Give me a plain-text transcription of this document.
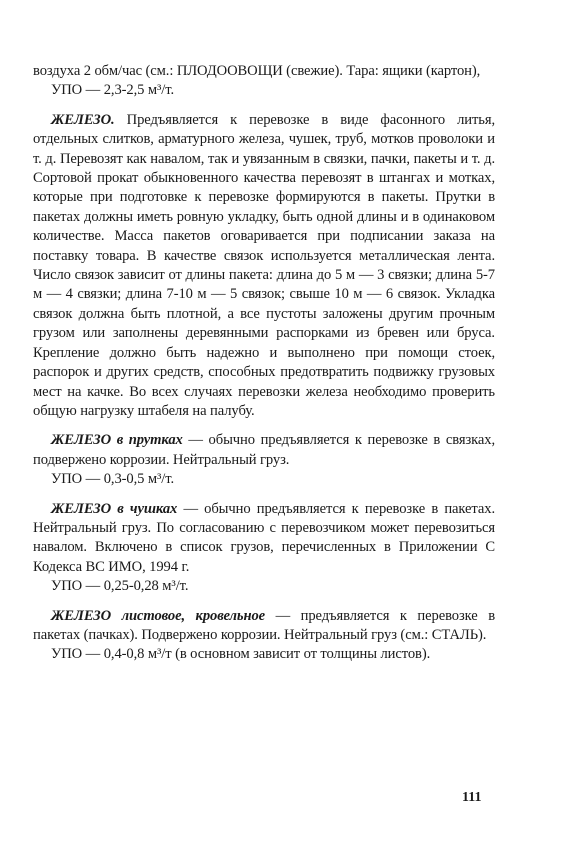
воздуха 2 обм/час (см.: ПЛОДООВОЩИ (свежие). Тара: ящики (картон),

УПО — 2,3-2,5 м³/т.

ЖЕЛЕЗО. Предъявляется к перевозке в виде фасонного литья, отдельных слитков, арматурного железа, чушек, труб, мотков проволоки и т. д. Перевозят как навалом, так и увязанным в связки, пачки, пакеты и т. д. Сортовой прокат обыкновенного качества перевозят в штангах и мотках, которые при подготовке к перевозке формируются в пакеты. Прутки в пакетах должны иметь ровную укладку, быть одной длины и в одинаковом количестве. Масса пакетов оговаривается при подписании заказа на поставку товара. В качестве связок используется металлическая лента. Число связок зависит от длины пакета: длина до 5 м — 3 связки; длина 5-7 м — 4 связки; длина 7-10 м — 5 связок; свыше 10 м — 6 связок. Укладка связок должна быть плотной, а все пустоты заложены другим прочным грузом или заполнены деревянными распорками из бревен или бруса. Крепление должно быть надежно и выполнено при помощи стоек, распорок и других средств, способных предотвратить подвижку грузовых мест на качке. Во всех случаях перевозки железа необходимо проверить общую нагрузку штабеля на палубу.

ЖЕЛЕЗО в прутках — обычно предъявляется к перевозке в связках, подвержено коррозии. Нейтральный груз.

УПО — 0,3-0,5 м³/т.

ЖЕЛЕЗО в чушках — обычно предъявляется к перевозке в пакетах. Нейтральный груз. По согласованию с перевозчиком может перевозиться навалом. Включено в список грузов, перечисленных в Приложении С Кодекса ВС ИМО, 1994 г.

УПО — 0,25-0,28 м³/т.

ЖЕЛЕЗО листовое, кровельное — предъявляется к перевозке в пакетах (пачках). Подвержено коррозии. Нейтральный груз (см.: СТАЛЬ).

УПО — 0,4-0,8 м³/т (в основном зависит от толщины листов).

111
